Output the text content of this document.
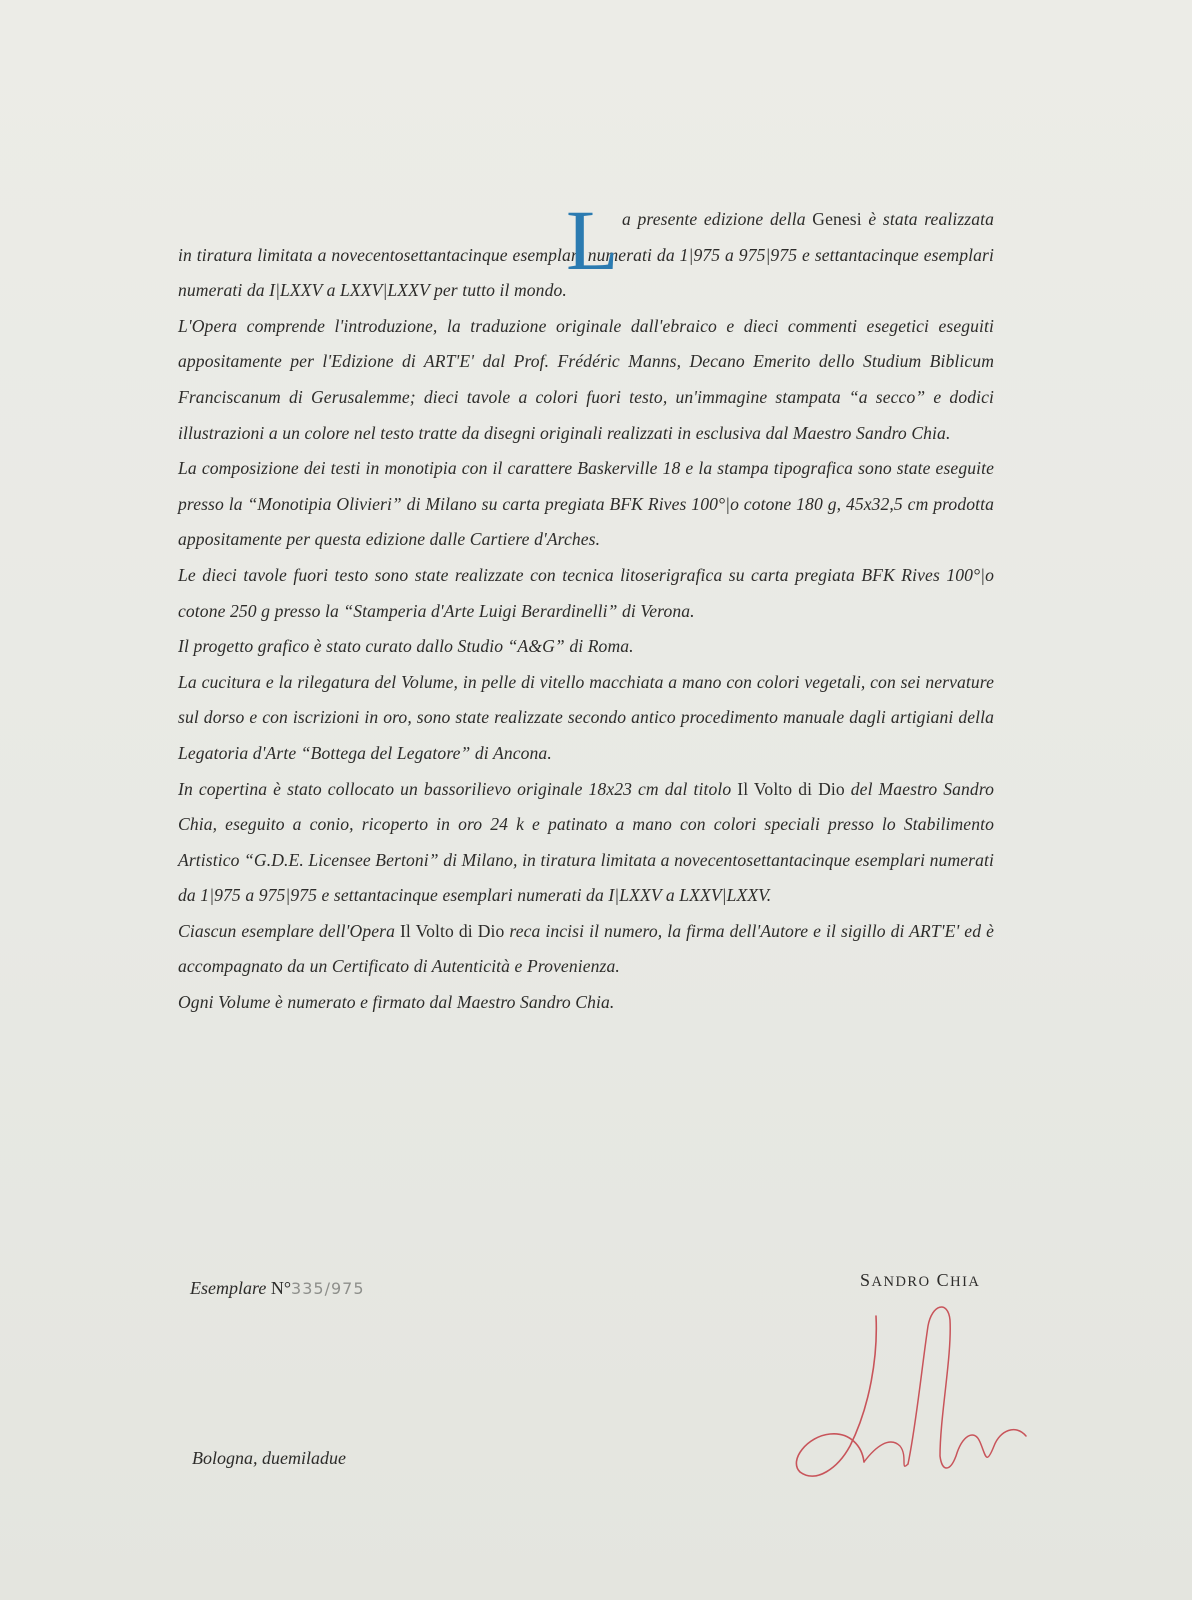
L a presente edizione della Genesi è stata realizzata in tiratura limitata a novecentosettantacinque esemplari numerati da 1|975 a 975|975 e settantacinque esemplari numerati da I|LXXV a LXXV|LXXV per tutto il mondo.

L'Opera comprende l'introduzione, la traduzione originale dall'ebraico e dieci commenti esegetici eseguiti appositamente per l'Edizione di ART'E' dal Prof. Frédéric Manns, Decano Emerito dello Studium Biblicum Franciscanum di Gerusalemme; dieci tavole a colori fuori testo, un'immagine stampata “a secco” e dodici illustrazioni a un colore nel testo tratte da disegni originali realizzati in esclusiva dal Maestro Sandro Chia.

La composizione dei testi in monotipia con il carattere Baskerville 18 e la stampa tipografica sono state eseguite presso la “Monotipia Olivieri” di Milano su carta pregiata BFK Rives 100°|o cotone 180 g, 45x32,5 cm prodotta appositamente per questa edizione dalle Cartiere d'Arches.

Le dieci tavole fuori testo sono state realizzate con tecnica litoserigrafica su carta pregiata BFK Rives 100°|o cotone 250 g presso la “Stamperia d'Arte Luigi Berardinelli” di Verona.

Il progetto grafico è stato curato dallo Studio “A&G” di Roma.

La cucitura e la rilegatura del Volume, in pelle di vitello macchiata a mano con colori vegetali, con sei nervature sul dorso e con iscrizioni in oro, sono state realizzate secondo antico procedimento manuale dagli artigiani della Legatoria d'Arte “Bottega del Legatore” di Ancona.

In copertina è stato collocato un bassorilievo originale 18x23 cm dal titolo Il Volto di Dio del Maestro Sandro Chia, eseguito a conio, ricoperto in oro 24 k e patinato a mano con colori speciali presso lo Stabilimento Artistico “G.D.E. Licensee Bertoni” di Milano, in tiratura limitata a novecentosettantacinque esemplari numerati da 1|975 a 975|975 e settantacinque esemplari numerati da I|LXXV a LXXV|LXXV.

Ciascun esemplare dell'Opera Il Volto di Dio reca incisi il numero, la firma dell'Autore e il sigillo di ART'E' ed è accompagnato da un Certificato di Autenticità e Provenienza.

Ogni Volume è numerato e firmato dal Maestro Sandro Chia.

Esemplare N°335/975	SANDRO CHIA
Bologna, duemiladue
